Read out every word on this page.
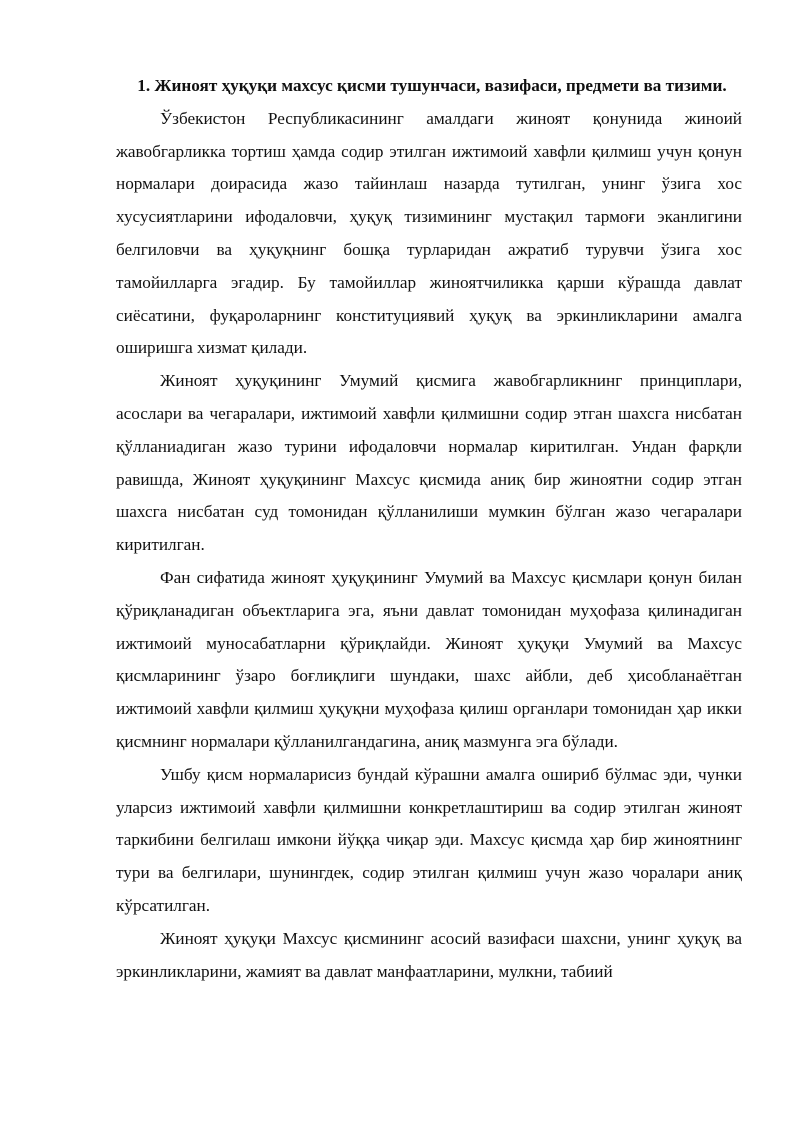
1. Жиноят ҳуқуқи махсус қисми тушунчаси, вазифаси, предмети ва тизими.

Ўзбекистон Республикасининг амалдаги жиноят қонунида жиноий жавобгарликка тортиш ҳамда содир этилган ижтимоий хавфли қилмиш учун қонун нормалари доирасида жазо тайинлаш назарда тутилган, унинг ўзига хос хусусиятларини ифодаловчи, ҳуқуқ тизимининг мустақил тармоғи эканлигини белгиловчи ва ҳуқуқнинг бошқа турларидан ажратиб турувчи ўзига хос тамойилларга эгадир. Бу тамойиллар жиноятчиликка қарши кўрашда давлат сиёсатини, фуқароларнинг конституциявий ҳуқуқ ва эркинликларини амалга оширишга хизмат қилади.

Жиноят ҳуқуқининг Умумий қисмига жавобгарликнинг принциплари, асослари ва чегаралари, ижтимоий хавфли қилмишни содир этган шахсга нисбатан қўлланиадиган жазо турини ифодаловчи нормалар киритилган. Ундан фарқли равишда, Жиноят ҳуқуқининг Махсус қисмида аниқ бир жиноятни содир этган шахсга нисбатан суд томонидан қўлланилиши мумкин бўлган жазо чегаралари киритилган.

Фан сифатида жиноят ҳуқуқининг Умумий ва Махсус қисмлари қонун билан қўриқланадиган объектларига эга, яъни давлат томонидан муҳофаза қилинадиган ижтимоий муносабатларни қўриқлайди. Жиноят ҳуқуқи Умумий ва Махсус қисмларининг ўзаро боғлиқлиги шундаки, шахс айбли, деб ҳисобланаётган ижтимоий хавфли қилмиш ҳуқуқни муҳофаза қилиш органлари томонидан ҳар икки қисмнинг нормалари қўлланилгандагина, аниқ мазмунга эга бўлади.

Ушбу қисм нормаларисиз бундай кўрашни амалга ошириб бўлмас эди, чунки уларсиз ижтимоий хавфли қилмишни конкретлаштириш ва содир этилган жиноят таркибини белгилаш имкони йўққа чиқар эди. Махсус қисмда ҳар бир жиноятнинг тури ва белгилари, шунингдек, содир этилган қилмиш учун жазо чоралари аниқ кўрсатилган.

Жиноят ҳуқуқи Махсус қисмининг асосий вазифаси шахсни, унинг ҳуқуқ ва эркинликларини, жамият ва давлат манфаатларини, мулкни, табиий
